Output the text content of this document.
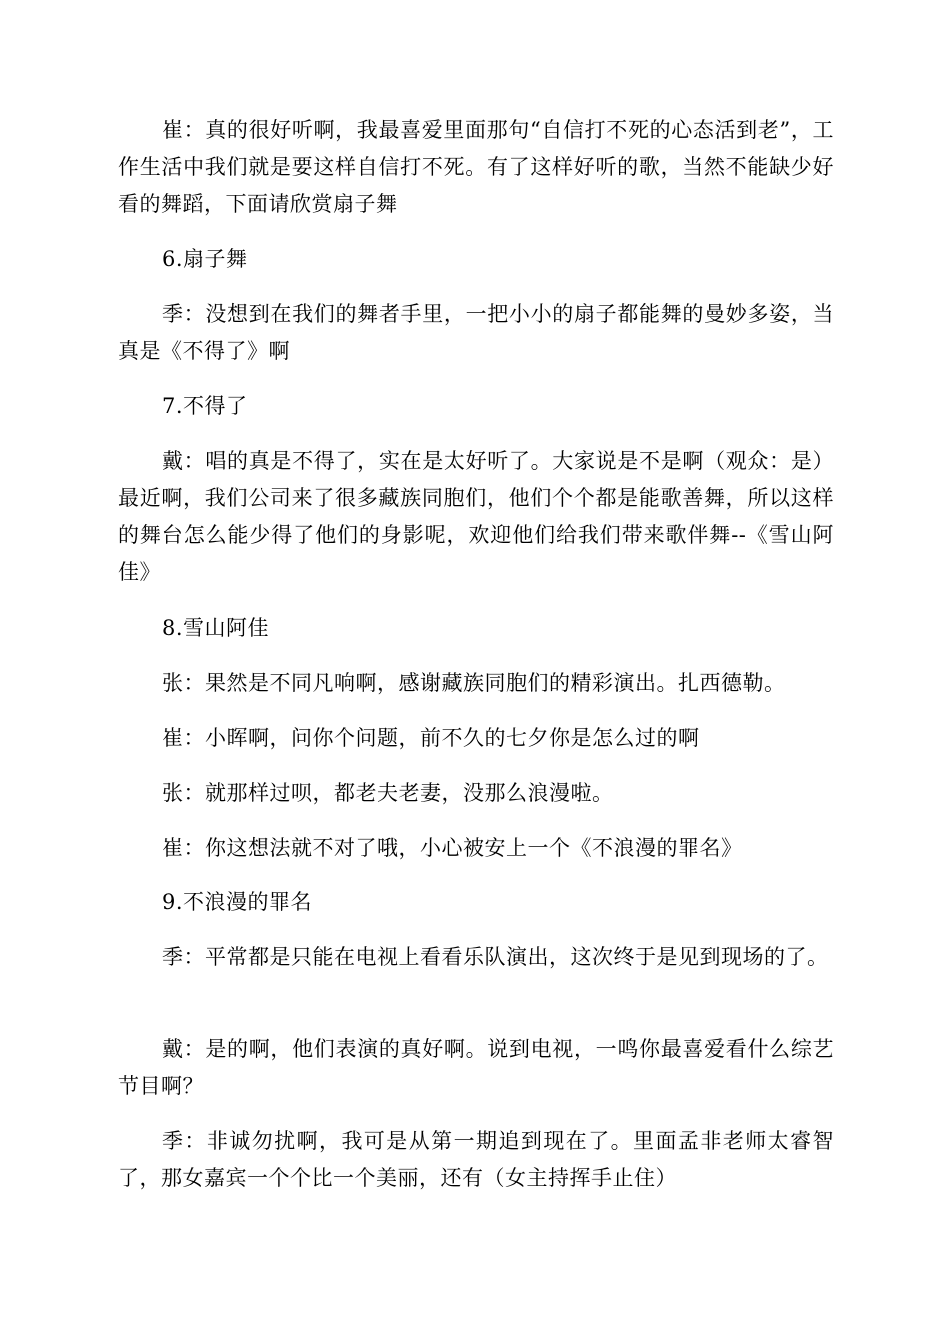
崔：真的很好听啊，我最喜爱里面那句“自信打不死的心态活到老”，工作生活中我们就是要这样自信打不死。有了这样好听的歌，当然不能缺少好看的舞蹈，下面请欣赏扇子舞

6.扇子舞

季：没想到在我们的舞者手里，一把小小的扇子都能舞的曼妙多姿，当真是《不得了》啊

7.不得了

戴：唱的真是不得了，实在是太好听了。大家说是不是啊（观众：是）最近啊，我们公司来了很多藏族同胞们，他们个个都是能歌善舞，所以这样的舞台怎么能少得了他们的身影呢，欢迎他们给我们带来歌伴舞--《雪山阿佳》

8.雪山阿佳

张：果然是不同凡响啊，感谢藏族同胞们的精彩演出。扎西德勒。

崔：小晖啊，问你个问题，前不久的七夕你是怎么过的啊

张：就那样过呗，都老夫老妻，没那么浪漫啦。

崔：你这想法就不对了哦，小心被安上一个《不浪漫的罪名》

9.不浪漫的罪名

季：平常都是只能在电视上看看乐队演出，这次终于是见到现场的了。

戴：是的啊，他们表演的真好啊。说到电视，一鸣你最喜爱看什么综艺节目啊？

季：非诚勿扰啊，我可是从第一期追到现在了。里面孟非老师太睿智了，那女嘉宾一个个比一个美丽，还有（女主持挥手止住）
